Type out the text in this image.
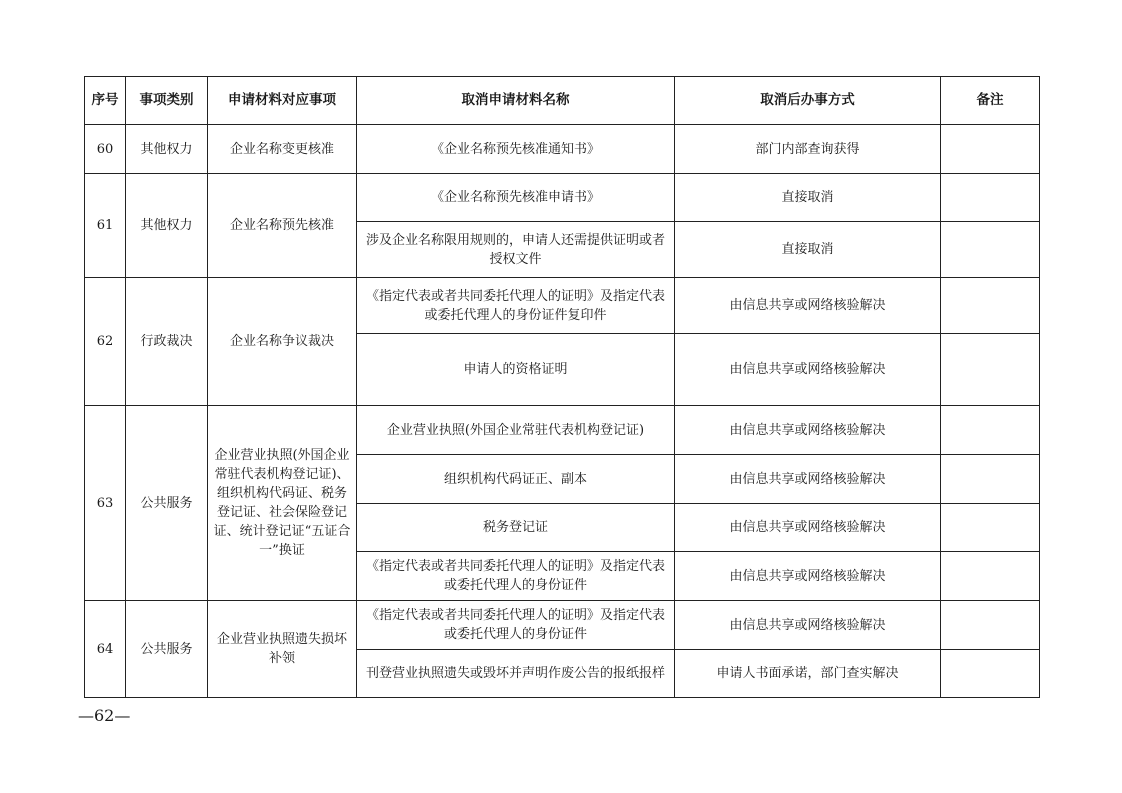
序号	事项类别	申请材料对应事项	取消申请材料名称	取消后办事方式	备注
60	其他权力	企业名称变更核准	《企业名称预先核准通知书》	部门内部查询获得	
61	其他权力	企业名称预先核准	《企业名称预先核准申请书》	直接取消	
			涉及企业名称限用规则的，申请人还需提供证明或者授权文件	直接取消	
62	行政裁决	企业名称争议裁决	《指定代表或者共同委托代理人的证明》及指定代表或委托代理人的身份证件复印件	由信息共享或网络核验解决	
			申请人的资格证明	由信息共享或网络核验解决	
63	公共服务	企业营业执照(外国企业常驻代表机构登记证)、组织机构代码证、税务登记证、社会保险登记证、统计登记证“五证合一”换证	企业营业执照(外国企业常驻代表机构登记证)	由信息共享或网络核验解决	
			组织机构代码证正、副本	由信息共享或网络核验解决	
			税务登记证	由信息共享或网络核验解决	
			《指定代表或者共同委托代理人的证明》及指定代表或委托代理人的身份证件	由信息共享或网络核验解决	
64	公共服务	企业营业执照遗失损坏补领	《指定代表或者共同委托代理人的证明》及指定代表或委托代理人的身份证件	由信息共享或网络核验解决	
			刊登营业执照遗失或毁坏并声明作废公告的报纸报样	申请人书面承诺，部门查实解决	
—62—
